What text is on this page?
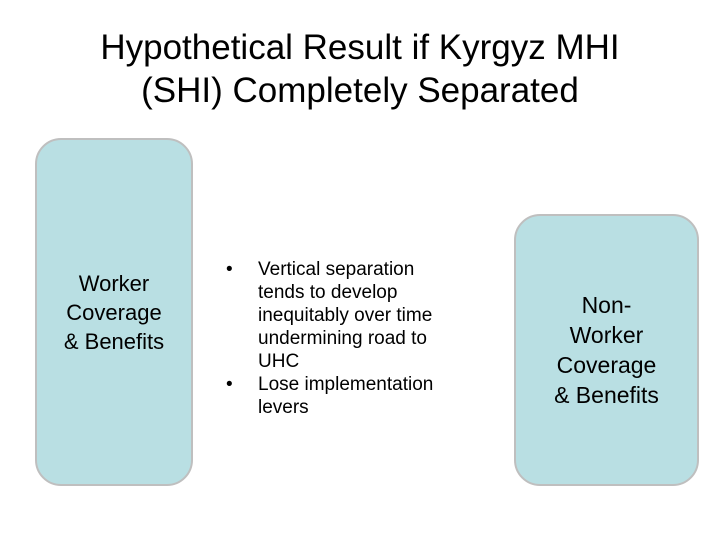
Hypothetical Result if Kyrgyz MHI
(SHI) Completely Separated
Worker
Coverage
& Benefits
• Vertical separation
tends to develop
inequitably over time
undermining road to
UHC
• Lose implementation
levers
Non-
Worker
Coverage
& Benefits
